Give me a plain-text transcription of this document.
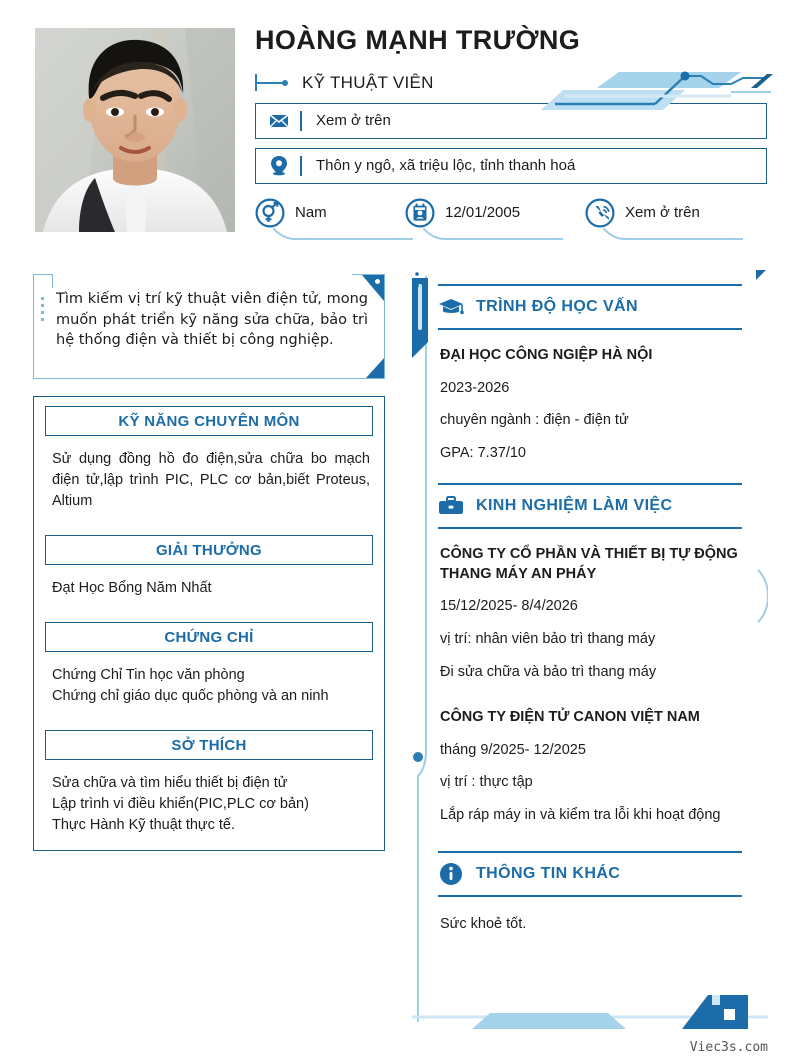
HOÀNG MẠNH TRƯỜNG
KỸ THUẬT VIÊN
Xem ở trên
Thôn y ngô, xã triệu lộc, tỉnh thanh hoá
Nam	12/01/2005	Xem ở trên

Tìm kiếm vị trí kỹ thuật viên điện tử, mong muốn phát triển kỹ năng sửa chữa, bảo trì hệ thống điện và thiết bị công nghiệp.

KỸ NĂNG CHUYÊN MÔN
Sử dụng đồng hồ đo điện,sửa chữa bo mạch điện tử,lập trình PIC, PLC cơ bản,biết Proteus, Altium
GIẢI THƯỞNG
Đạt Học Bổng Năm Nhất
CHỨNG CHỈ
Chứng Chỉ Tin học văn phòng
Chứng chỉ giáo dục quốc phòng và an ninh
SỞ THÍCH
Sửa chữa và tìm hiểu thiết bị điện tử
Lập trình vi điều khiển(PIC,PLC cơ bản)
Thực Hành Kỹ thuật thực tế.
TRÌNH ĐỘ HỌC VẤN
ĐẠI HỌC CÔNG NGIỆP HÀ NỘI
2023-2026
chuyên ngành : điện - điện tử
GPA: 7.37/10
KINH NGHIỆM LÀM VIỆC
CÔNG TY CỔ PHẦN VÀ THIẾT BỊ TỰ ĐỘNG THANG MÁY AN PHÁY
15/12/2025- 8/4/2026
vị trí: nhân viên bảo trì thang máy
Đi sửa chữa và bảo trì thang máy
CÔNG TY ĐIỆN TỬ CANON VIỆT NAM
tháng 9/2025- 12/2025
vị trí : thực tập
Lắp ráp máy in và kiểm tra lỗi khi hoạt động
THÔNG TIN KHÁC
Sức khoẻ tốt.
Viec3s.com
